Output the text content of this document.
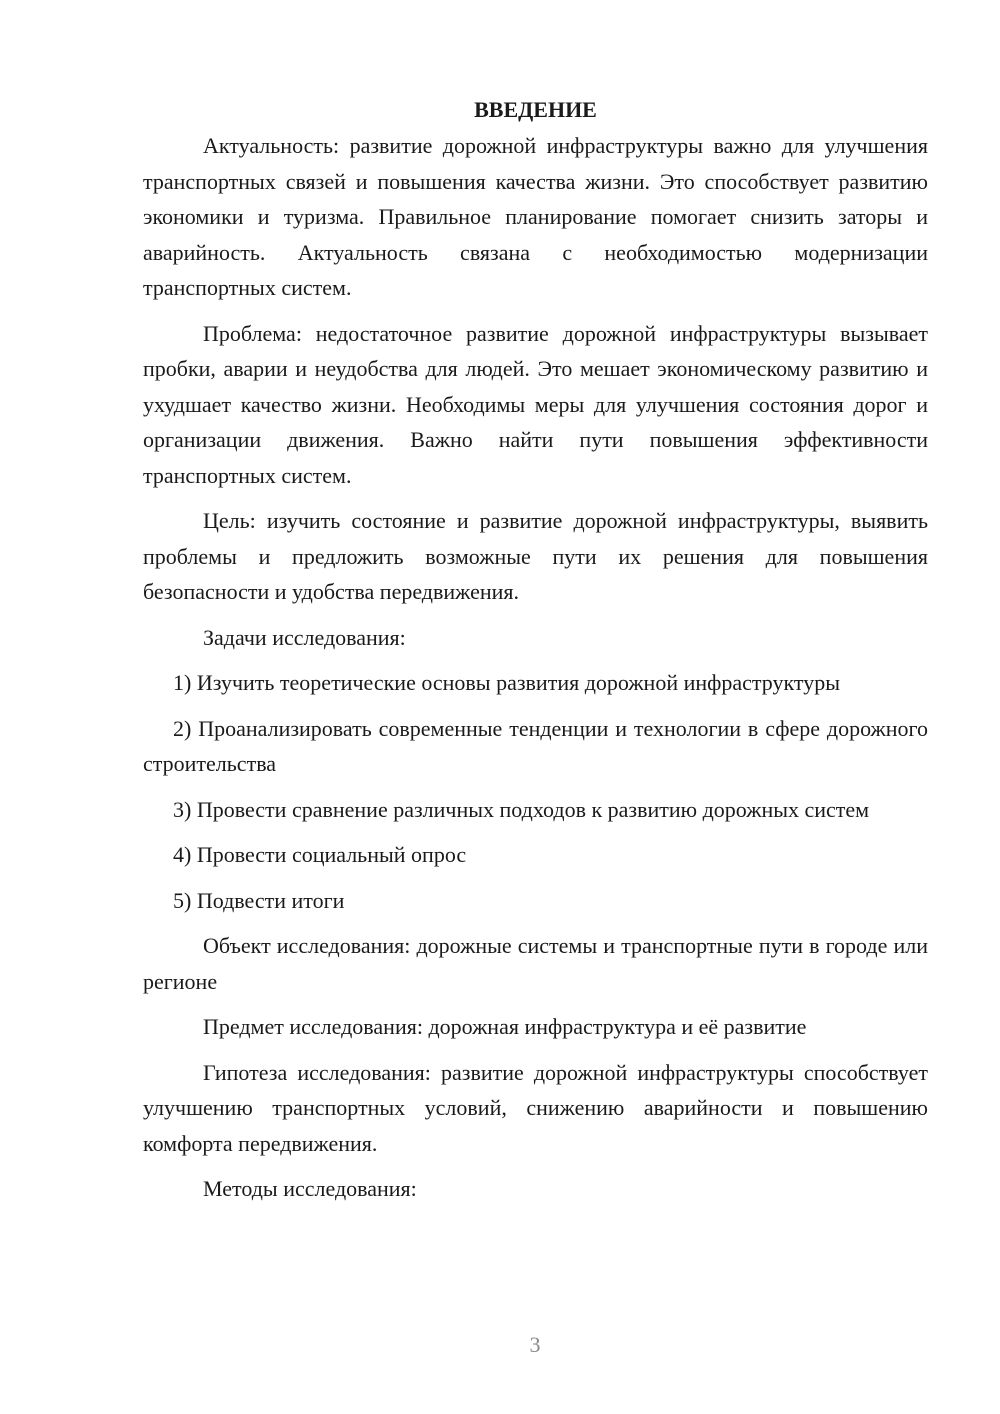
ВВЕДЕНИЕ

Актуальность: развитие дорожной инфраструктуры важно для улучшения транспортных связей и повышения качества жизни. Это способствует развитию экономики и туризма. Правильное планирование помогает снизить заторы и аварийность. Актуальность связана с необходимостью модернизации транспортных систем.

Проблема: недостаточное развитие дорожной инфраструктуры вызывает пробки, аварии и неудобства для людей. Это мешает экономическому развитию и ухудшает качество жизни. Необходимы меры для улучшения состояния дорог и организации движения. Важно найти пути повышения эффективности транспортных систем.

Цель: изучить состояние и развитие дорожной инфраструктуры, выявить проблемы и предложить возможные пути их решения для повышения безопасности и удобства передвижения.

Задачи исследования:

1) Изучить теоретические основы развития дорожной инфраструктуры

2) Проанализировать современные тенденции и технологии в сфере дорожного строительства

3) Провести сравнение различных подходов к развитию дорожных систем

4) Провести социальный опрос

5) Подвести итоги

Объект исследования: дорожные системы и транспортные пути в городе или регионе

Предмет исследования: дорожная инфраструктура и её развитие

Гипотеза исследования: развитие дорожной инфраструктуры способствует улучшению транспортных условий, снижению аварийности и повышению комфорта передвижения.

Методы исследования:

3
